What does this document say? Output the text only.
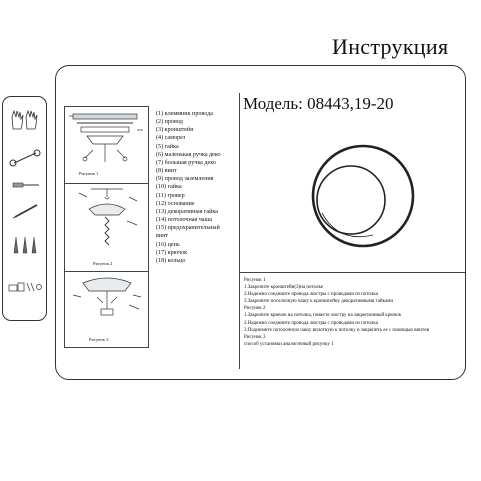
Инструкция
Рисунок 1
Рисунок 2
Рисунок 3
(1) клеммник провода
(2) провод
(3) кронштейн
(4) саморез
(5) гайка
(6) маленькая ручка деко
(7) большая ручка деко
(8) винт
(9) провод заземления
(10) гайка
(11) гровер
(12) основание
(13) декоративная гайка
(14) потолочная чаша
(15) предохранительный
винт
(16) цепь
(17) крючок
(18) кольцо
Модель: 08443,19-20
Рисунок 1
1.Закрепите кронштейн(3)на потолке
2.Надежно соедините провода люстры с проводами из потолка
3.Закрепите потолочную чашу к кронштейну декоративными гайками
Рисунок 2
1.Закрепите крючок на потолка, повесте люстру на закрепленный крючок
2.Надежно соедините провода люстры с проводами из потолка
3.Поднимите потолочную чашу вплотную к потолку и закрепить ее с помощью винтов
Рисунок 3
способ установки аналогичный рисунку 1
